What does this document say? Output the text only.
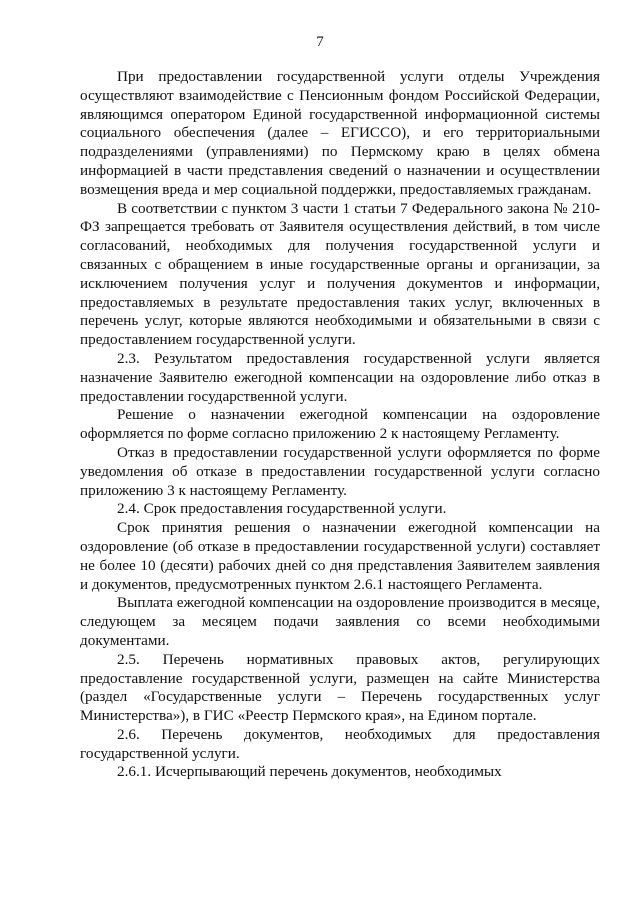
7

При предоставлении государственной услуги отделы Учреждения осуществляют взаимодействие с Пенсионным фондом Российской Федерации, являющимся оператором Единой государственной информационной системы социального обеспечения (далее – ЕГИССО), и его территориальными подразделениями (управлениями) по Пермскому краю в целях обмена информацией в части представления сведений о назначении и осуществлении возмещения вреда и мер социальной поддержки, предоставляемых гражданам.

В соответствии с пунктом 3 части 1 статьи 7 Федерального закона № 210-ФЗ запрещается требовать от Заявителя осуществления действий, в том числе согласований, необходимых для получения государственной услуги и связанных с обращением в иные государственные органы и организации, за исключением получения услуг и получения документов и информации, предоставляемых в результате предоставления таких услуг, включенных в перечень услуг, которые являются необходимыми и обязательными в связи с предоставлением государственной услуги.

2.3. Результатом предоставления государственной услуги является назначение Заявителю ежегодной компенсации на оздоровление либо отказ в предоставлении государственной услуги.

Решение о назначении ежегодной компенсации на оздоровление оформляется по форме согласно приложению 2 к настоящему Регламенту.

Отказ в предоставлении государственной услуги оформляется по форме уведомления об отказе в предоставлении государственной услуги согласно приложению 3 к настоящему Регламенту.

2.4. Срок предоставления государственной услуги.

Срок принятия решения о назначении ежегодной компенсации на оздоровление (об отказе в предоставлении государственной услуги) составляет не более 10 (десяти) рабочих дней со дня представления Заявителем заявления и документов, предусмотренных пунктом 2.6.1 настоящего Регламента.

Выплата ежегодной компенсации на оздоровление производится в месяце, следующем за месяцем подачи заявления со всеми необходимыми документами.

2.5. Перечень нормативных правовых актов, регулирующих предоставление государственной услуги, размещен на сайте Министерства (раздел «Государственные услуги – Перечень государственных услуг Министерства»), в ГИС «Реестр Пермского края», на Едином портале.

2.6. Перечень документов, необходимых для предоставления государственной услуги.

2.6.1. Исчерпывающий перечень документов, необходимых
